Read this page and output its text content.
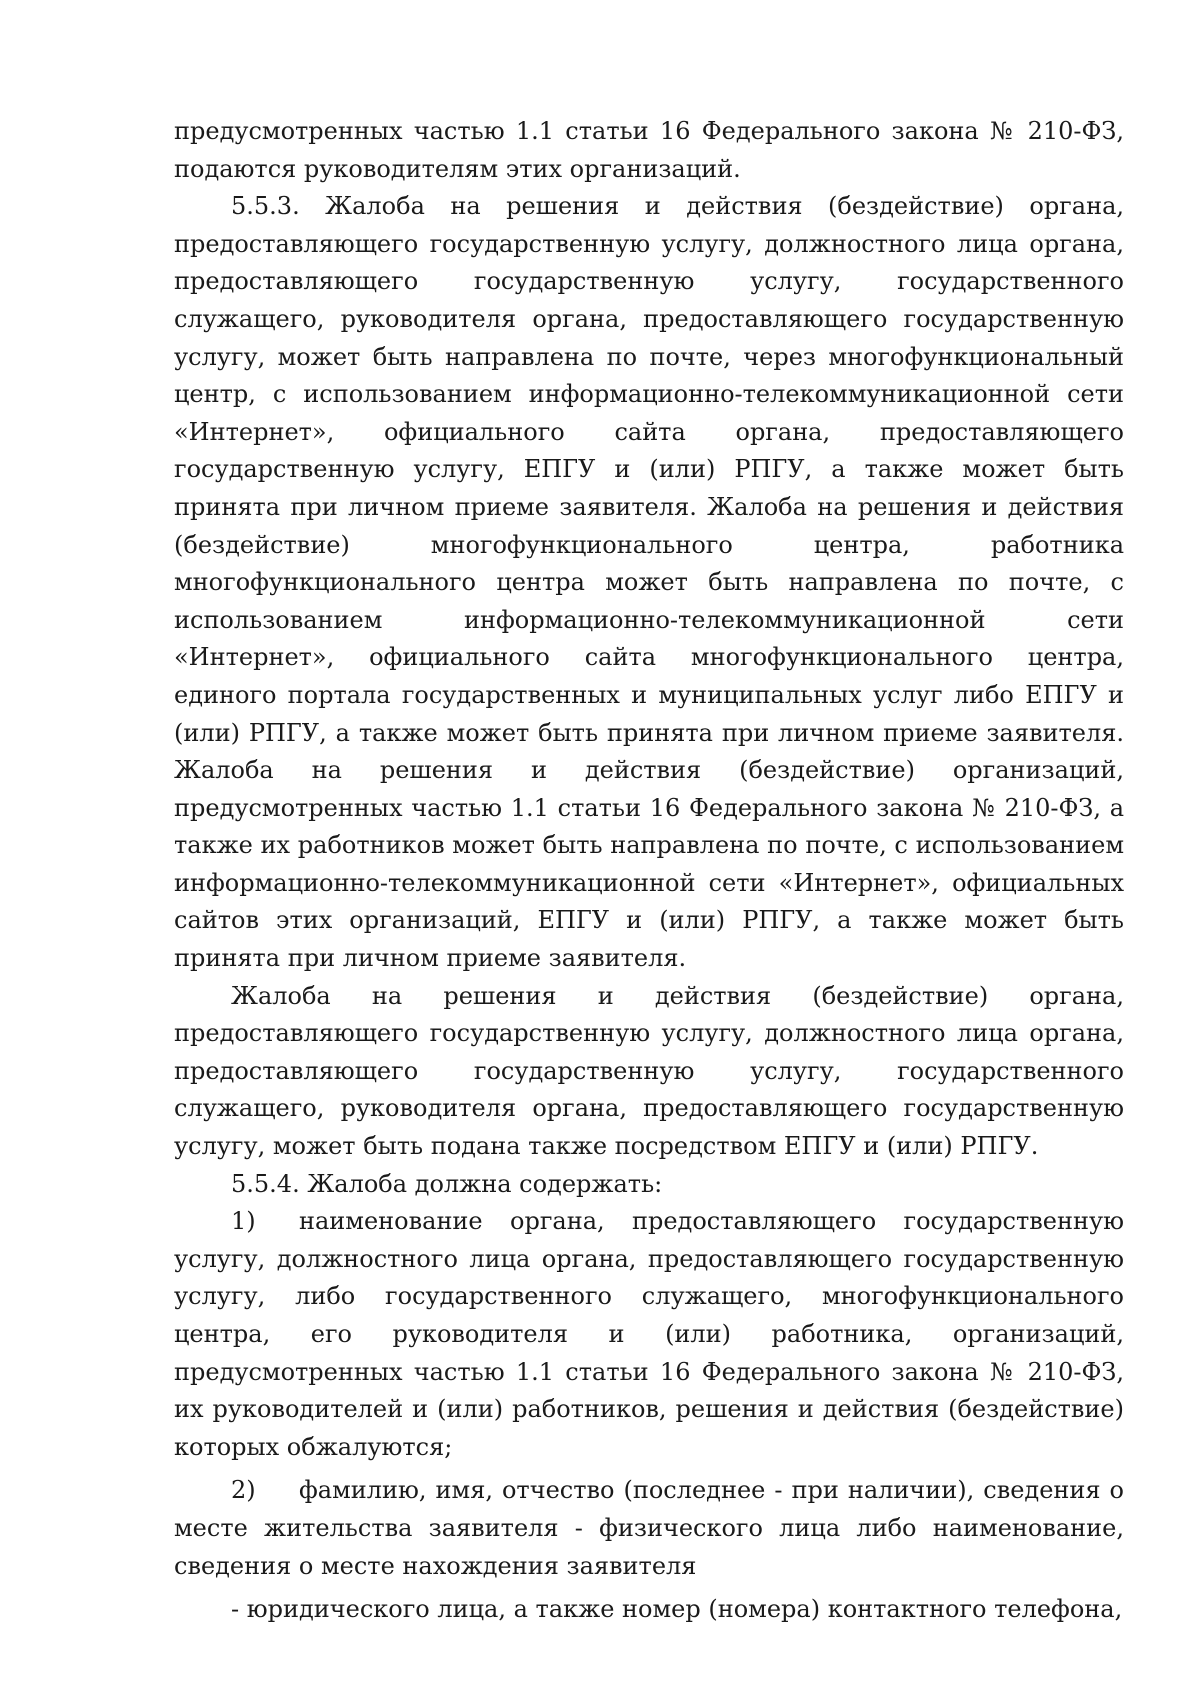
предусмотренных частью 1.1 статьи 16 Федерального закона № 210-ФЗ, подаются руководителям этих организаций.

5.5.3. Жалоба на решения и действия (бездействие) органа, предоставляющего государственную услугу, должностного лица органа, предоставляющего государственную услугу, государственного служащего, руководителя органа, предоставляющего государственную услугу, может быть направлена по почте, через многофункциональный центр, с использованием информационно-телекоммуникационной сети «Интернет», официального сайта органа, предоставляющего государственную услугу, ЕПГУ и (или) РПГУ, а также может быть принята при личном приеме заявителя. Жалоба на решения и действия (бездействие) многофункционального центра, работника многофункционального центра может быть направлена по почте, с использованием информационно-телекоммуникационной сети «Интернет», официального сайта многофункционального центра, единого портала государственных и муниципальных услуг либо ЕПГУ и (или) РПГУ, а также может быть принята при личном приеме заявителя. Жалоба на решения и действия (бездействие) организаций, предусмотренных частью 1.1 статьи 16 Федерального закона № 210-ФЗ, а также их работников может быть направлена по почте, с использованием информационно-телекоммуникационной сети «Интернет», официальных сайтов этих организаций, ЕПГУ и (или) РПГУ, а также может быть принята при личном приеме заявителя.

Жалоба на решения и действия (бездействие) органа, предоставляющего государственную услугу, должностного лица органа, предоставляющего государственную услугу, государственного служащего, руководителя органа, предоставляющего государственную услугу, может быть подана также посредством ЕПГУ и (или) РПГУ.

5.5.4. Жалоба должна содержать:

1) наименование органа, предоставляющего государственную услугу, должностного лица органа, предоставляющего государственную услугу, либо государственного служащего, многофункционального центра, его руководителя и (или) работника, организаций, предусмотренных частью 1.1 статьи 16 Федерального закона № 210-ФЗ, их руководителей и (или) работников, решения и действия (бездействие) которых обжалуются;

2) фамилию, имя, отчество (последнее - при наличии), сведения о месте жительства заявителя - физического лица либо наименование, сведения о месте нахождения заявителя

- юридического лица, а также номер (номера) контактного телефона,
